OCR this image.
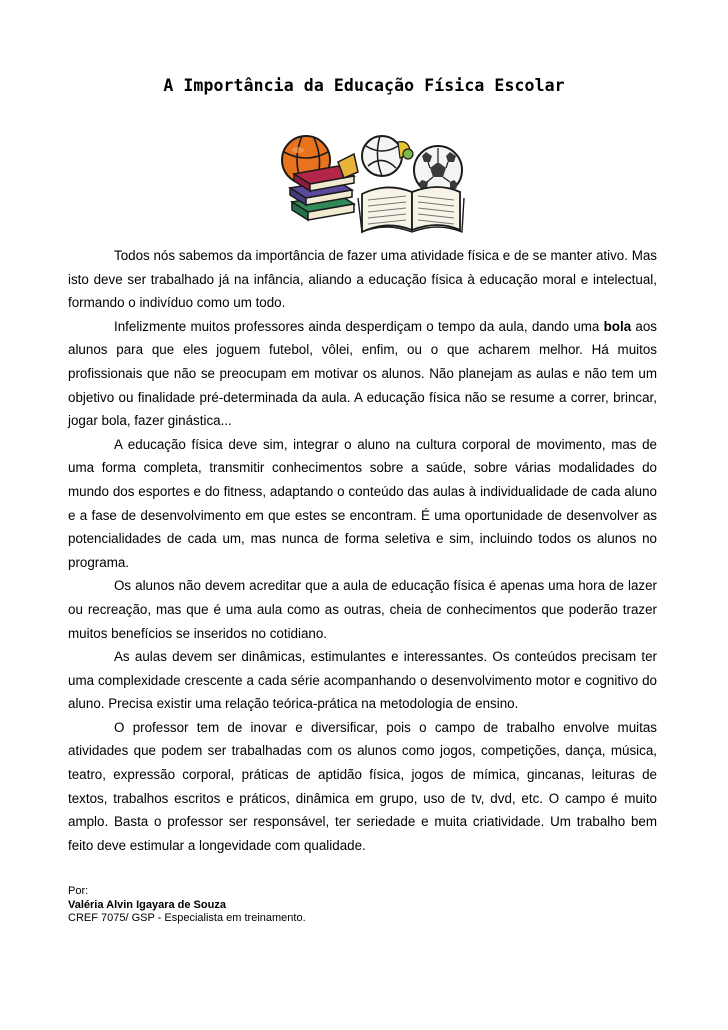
A Importância da Educação Física Escolar

Todos nós sabemos da importância de fazer uma atividade física e de se manter ativo. Mas isto deve ser trabalhado já na infância, aliando a educação física à educação moral e intelectual, formando o indivíduo como um todo.

Infelizmente muitos professores ainda desperdiçam o tempo da aula, dando uma bola aos alunos para que eles joguem futebol, vôlei, enfim, ou o que acharem melhor. Há muitos profissionais que não se preocupam em motivar os alunos. Não planejam as aulas e não tem um objetivo ou finalidade pré-determinada da aula. A educação física não se resume a correr, brincar, jogar bola, fazer ginástica...

A educação física deve sim, integrar o aluno na cultura corporal de movimento, mas de uma forma completa, transmitir conhecimentos sobre a saúde, sobre várias modalidades do mundo dos esportes e do fitness, adaptando o conteúdo das aulas à individualidade de cada aluno e a fase de desenvolvimento em que estes se encontram. É uma oportunidade de desenvolver as potencialidades de cada um, mas nunca de forma seletiva e sim, incluindo todos os alunos no programa.

Os alunos não devem acreditar que a aula de educação física é apenas uma hora de lazer ou recreação, mas que é uma aula como as outras, cheia de conhecimentos que poderão trazer muitos benefícios se inseridos no cotidiano.

As aulas devem ser dinâmicas, estimulantes e interessantes. Os conteúdos precisam ter uma complexidade crescente a cada série acompanhando o desenvolvimento motor e cognitivo do aluno. Precisa existir uma relação teórica-prática na metodologia de ensino.

O professor tem de inovar e diversificar, pois o campo de trabalho envolve muitas atividades que podem ser trabalhadas com os alunos como jogos, competições, dança, música, teatro, expressão corporal, práticas de aptidão física, jogos de mímica, gincanas, leituras de textos, trabalhos escritos e práticos, dinâmica em grupo, uso de tv, dvd, etc. O campo é muito amplo. Basta o professor ser responsável, ter seriedade e muita criatividade. Um trabalho bem feito deve estimular a longevidade com qualidade.

Por:
Valéria Alvin Igayara de Souza
CREF 7075/ GSP - Especialista em treinamento.
